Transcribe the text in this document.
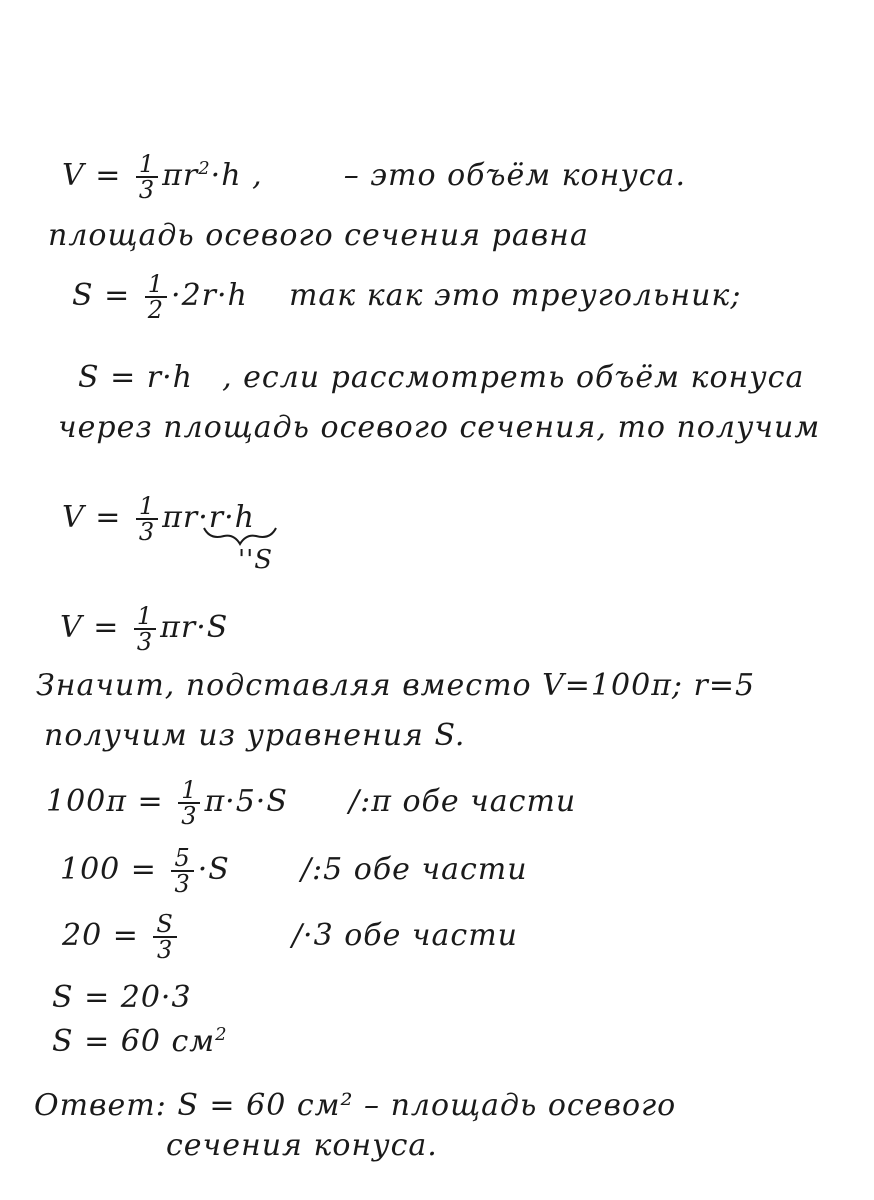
$V = \frac{1}{3} \pi r^2\cdot h$ ,	– это объём конуса.
площадь осевого сечения равна
$S = \frac{1}{2} \cdot 2r\cdot h$ так как это треугольник;
S = r·h , если рассмотреть объём конуса
через площадь осевого сечения, то получим
$V = \frac{1}{3} \pi r\cdot r\cdot h$
''S
$V = \frac{1}{3} \pi r\cdot S$
Значит, подставляя вместо V=100π; r=5
получим из уравнения S.
$100\pi = \frac{1}{3} \pi\cdot 5\cdot S$ /:π обе части
$100 = \frac{5}{3} \cdot S$ /:5 обе части
$20 = \frac{S}{3}$	/·3 обе части
S = 20·3
S = 60 $см^2$
Ответ: S = 60 см² – площадь осевого
сечения конуса.
